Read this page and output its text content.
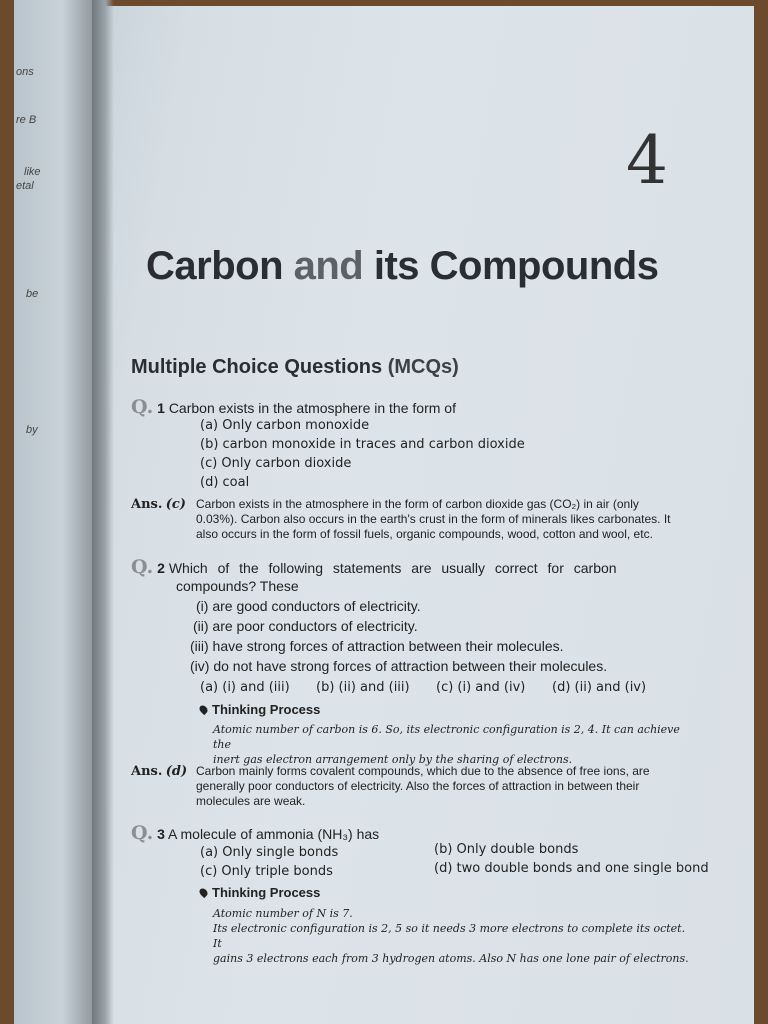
ons
re B
like
etal
be
by
4
Carbon and its Compounds
Multiple Choice Questions (MCQs)
Q. 1 Carbon exists in the atmosphere in the form of
(a) Only carbon monoxide
(b) carbon monoxide in traces and carbon dioxide
(c) Only carbon dioxide
(d) coal
Ans. (c) Carbon exists in the atmosphere in the form of carbon dioxide gas (CO₂) in air (only
0.03%). Carbon also occurs in the earth's crust in the form of minerals likes carbonates. It
also occurs in the form of fossil fuels, organic compounds, wood, cotton and wool, etc.
Q. 2 Which of the following statements are usually correct for carbon
compounds? These
(i) are good conductors of electricity.
(ii) are poor conductors of electricity.
(iii) have strong forces of attraction between their molecules.
(iv) do not have strong forces of attraction between their molecules.
(a) (i) and (iii) (b) (ii) and (iii) (c) (i) and (iv) (d) (ii) and (iv)
Thinking Process
Atomic number of carbon is 6. So, its electronic configuration is 2, 4. It can achieve the
inert gas electron arrangement only by the sharing of electrons.
Ans. (d) Carbon mainly forms covalent compounds, which due to the absence of free ions, are
generally poor conductors of electricity. Also the forces of attraction in between their
molecules are weak.
Q. 3 A molecule of ammonia (NH₃) has
(a) Only single bonds	(b) Only double bonds
(c) Only triple bonds	(d) two double bonds and one single bond
Thinking Process
Atomic number of N is 7.
Its electronic configuration is 2, 5 so it needs 3 more electrons to complete its octet. It
gains 3 electrons each from 3 hydrogen atoms. Also N has one lone pair of electrons.
